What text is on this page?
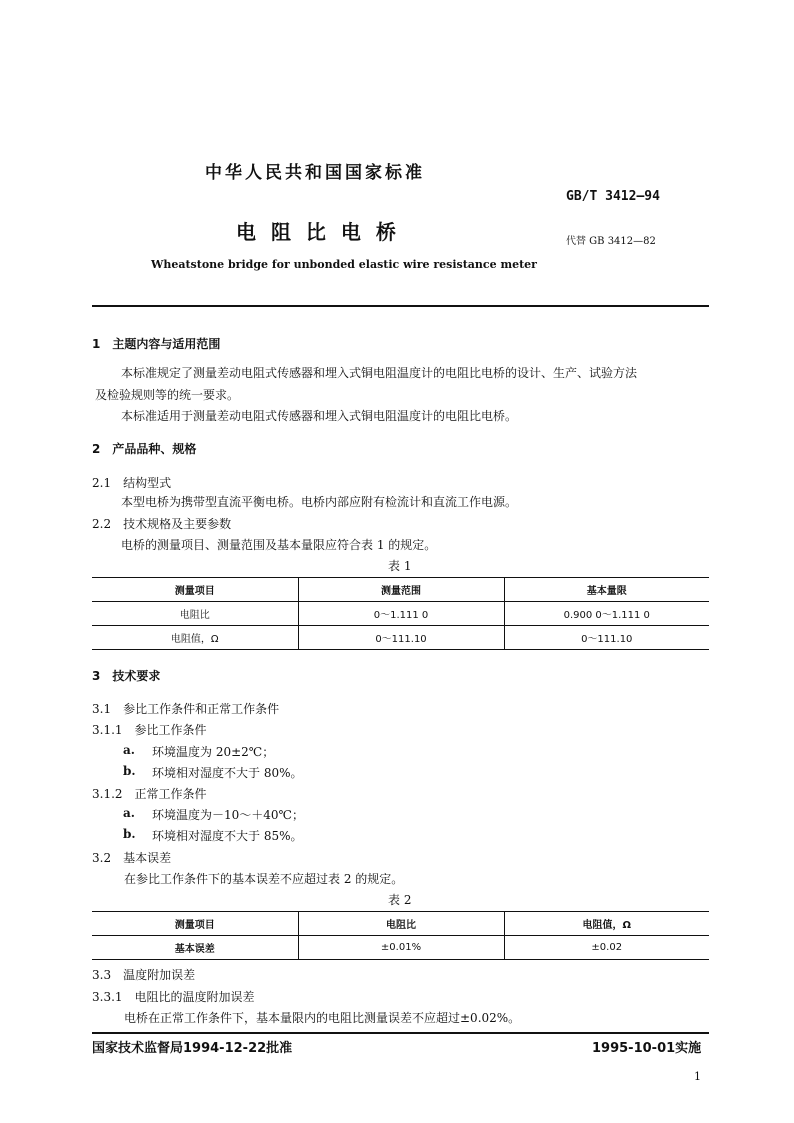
中华人民共和国国家标准
GB/T 3412—94
电 阻 比 电 桥	代替 GB 3412—82
Wheatstone bridge for unbonded elastic wire resistance meter
1　主题内容与适用范围
本标准规定了测量差动电阻式传感器和埋入式铜电阻温度计的电阻比电桥的设计、生产、试验方法
及检验规则等的统一要求。
本标准适用于测量差动电阻式传感器和埋入式铜电阻温度计的电阻比电桥。
2　产品品种、规格
2.1　结构型式
本型电桥为携带型直流平衡电桥。电桥内部应附有检流计和直流工作电源。
2.2　技术规格及主要参数
电桥的测量项目、测量范围及基本量限应符合表 1 的规定。
表 1
测量项目	测量范围	基本量限
电阻比	0～1.111 0	0.900 0～1.111 0
电阻值，Ω	0～111.10	0～111.10
3　技术要求
3.1　参比工作条件和正常工作条件
3.1.1　参比工作条件
a. 环境温度为 20±2℃；
b. 环境相对湿度不大于 80%。
3.1.2　正常工作条件
a. 环境温度为－10～＋40℃；
b. 环境相对湿度不大于 85%。
3.2　基本误差
在参比工作条件下的基本误差不应超过表 2 的规定。
表 2
测量项目	电阻比	电阻值，Ω
基本误差	±0.01%	±0.02
3.3　温度附加误差
3.3.1　电阻比的温度附加误差
电桥在正常工作条件下，基本量限内的电阻比测量误差不应超过±0.02%。
国家技术监督局1994-12-22批准	1995-10-01实施
1
